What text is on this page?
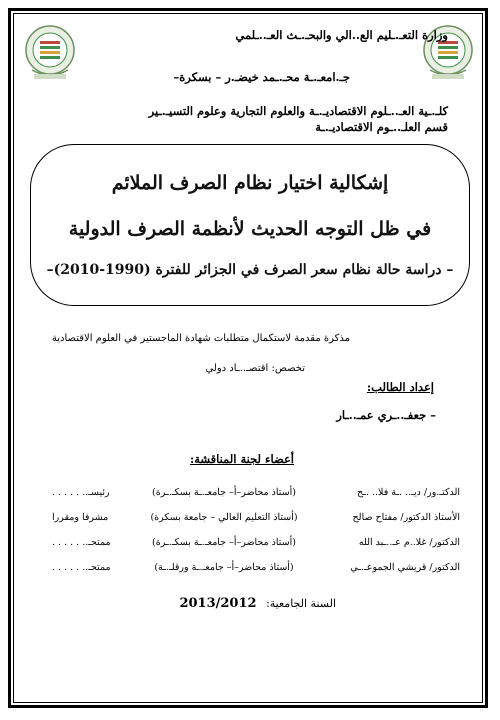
وزارة التعـ.ـليم الع..الي والبحـ.ـث العـ..ـلمي
جـ.امعـ.ـة محـ.ـمد خيضـ.ر – بسكرة–
كلـ.ـية العـ..ـلوم الاقتصاديـ.ـة والعلوم التجارية وعلوم التسيـ.ـير
قسم العلـ..ـوم الاقتصاديـ.ـة
إشكالية اختيار نظام الصرف الملائم
في ظل التوجه الحديث لأنظمة الصرف الدولية
– دراسة حالة نظام سعر الصرف في الجزائر للفترة (1990-2010)–
مذكرة مقدمة لاستكمال متطلبات شهادة الماجستير في العلوم الاقتصادية
تخصص: اقتصـ..ـاد دولي
إعداد الطالب:
– جعفـ..ـري عمـ..ـار
أعضاء لجنة المناقشة:
الدكتـ.ور/ ديـ.. .ـة فلا.. .ـح	(أستاذ محاضر–أ– جامعـ.ـة بسكـ.ـرة)	رئيسـ.. . . . . .
الأستاذ الدكتور/ مفتاح صالح	(أستاذ التعليم العالي – جامعة بسكرة)	مشرفا ومقررا
الدكتور/ غلا..م عـ..ـبد الله	(أستاذ محاضر–أ– جامعـ.ـة بسكـ.ـرة)	ممتحـ.. . . . . .
الدكتور/ قريشي الجموعـ.ـي	(أستاذ محاضر–أ– جامعـ.ـة ورقلـ.ـة)	ممتحـ.. . . . . .
السنة الجامعية: 2013/2012
